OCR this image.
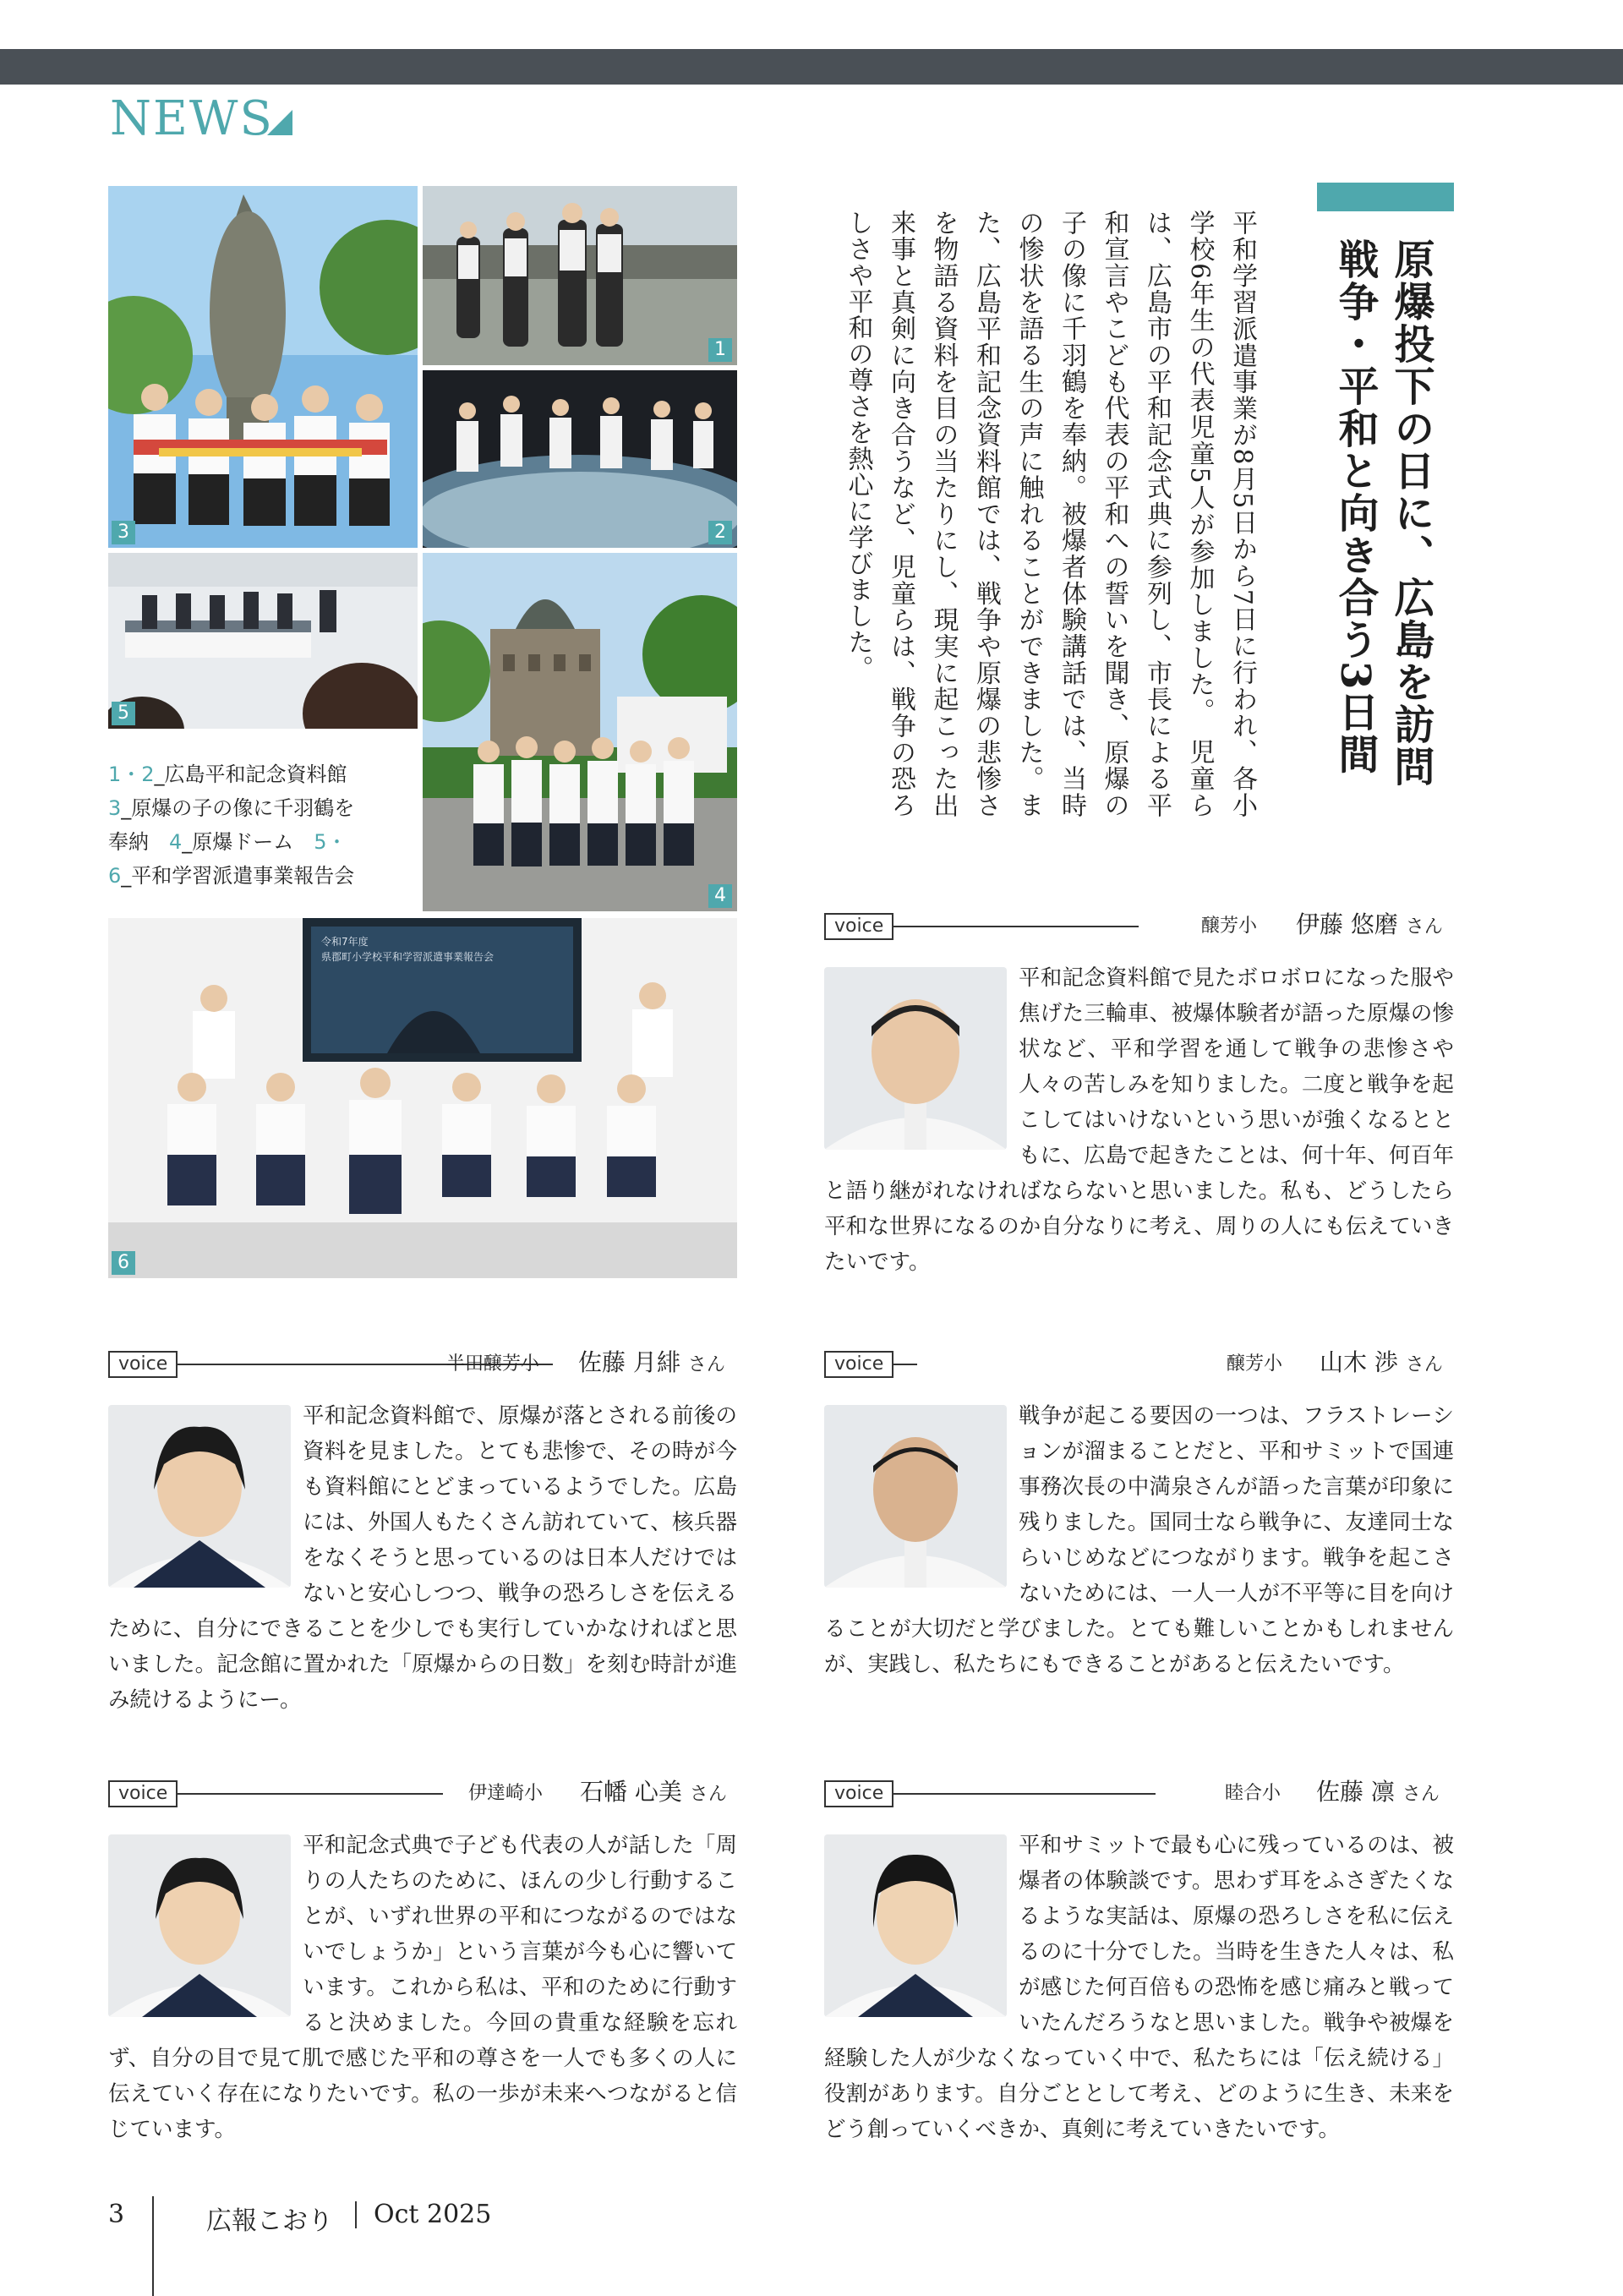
NEWS
1
2
3
5
4
1・2_広島平和記念資料館
3_原爆の子の像に千羽鶴を
奉納　 4_原爆ドーム　 5・
6_平和学習派遣事業報告会
令和7年度
県郡町小学校平和学習派遣事業報告会
6
原爆投下の日に、広島を訪問
戦争・平和と向き合う3日間
平和学習派遣事業が8月5日から7日に行われ、各小学校6年生の代表児童5人が参加しました。　児童らは、広島市の平和記念式典に参列し、市長による平和宣言やこども代表の平和への誓いを聞き、原爆の子の像に千羽鶴を奉納。被爆者体験講話では、当時の惨状を語る生の声に触れることができました。また、広島平和記念資料館では、戦争や原爆の悲惨さを物語る資料を目の当たりにし、現実に起こった出来事と真剣に向き合うなど、児童らは、戦争の恐ろしさや平和の尊さを熱心に学びました。
voice	醸芳小 伊藤 悠磨 さん
平和記念資料館で見たボロボロになった服や焦げた三輪車、被爆体験者が語った原爆の惨状など、平和学習を通して戦争の悲惨さや人々の苦しみを知りました。二度と戦争を起こしてはいけないという思いが強くなるとともに、広島で起きたことは、何十年、何百年と語り継がれなければならないと思いました。私も、どうしたら平和な世界になるのか自分なりに考え、周りの人にも伝えていきたいです。
voice	半田醸芳小 佐藤 月緋 さん
平和記念資料館で、原爆が落とされる前後の資料を見ました。とても悲惨で、その時が今も資料館にとどまっているようでした。広島には、外国人もたくさん訪れていて、核兵器をなくそうと思っているのは日本人だけではないと安心しつつ、戦争の恐ろしさを伝えるために、自分にできることを少しでも実行していかなければと思いました。記念館に置かれた「原爆からの日数」を刻む時計が進み続けるようにー。
voice	醸芳小 山木 渉 さん
戦争が起こる要因の一つは、フラストレーションが溜まることだと、平和サミットで国連事務次長の中満泉さんが語った言葉が印象に残りました。国同士なら戦争に、友達同士ならいじめなどにつながります。戦争を起こさないためには、一人一人が不平等に目を向けることが大切だと学びました。とても難しいことかもしれませんが、実践し、私たちにもできることがあると伝えたいです。
voice	伊達崎小 石幡 心美 さん
平和記念式典で子ども代表の人が話した「周りの人たちのために、ほんの少し行動することが、いずれ世界の平和につながるのではないでしょうか」という言葉が今も心に響いています。これから私は、平和のために行動すると決めました。今回の貴重な経験を忘れず、自分の目で見て肌で感じた平和の尊さを一人でも多くの人に伝えていく存在になりたいです。私の一歩が未来へつながると信じています。
voice	睦合小 佐藤 凛 さん
平和サミットで最も心に残っているのは、被爆者の体験談です。思わず耳をふさぎたくなるような実話は、原爆の恐ろしさを私に伝えるのに十分でした。当時を生きた人々は、私が感じた何百倍もの恐怖を感じ痛みと戦っていたんだろうなと思いました。戦争や被爆を経験した人が少なくなっていく中で、私たちには「伝え続ける」役割があります。自分ごととして考え、どのように生き、未来をどう創っていくべきか、真剣に考えていきたいです。
3	広報こおり Oct 2025
